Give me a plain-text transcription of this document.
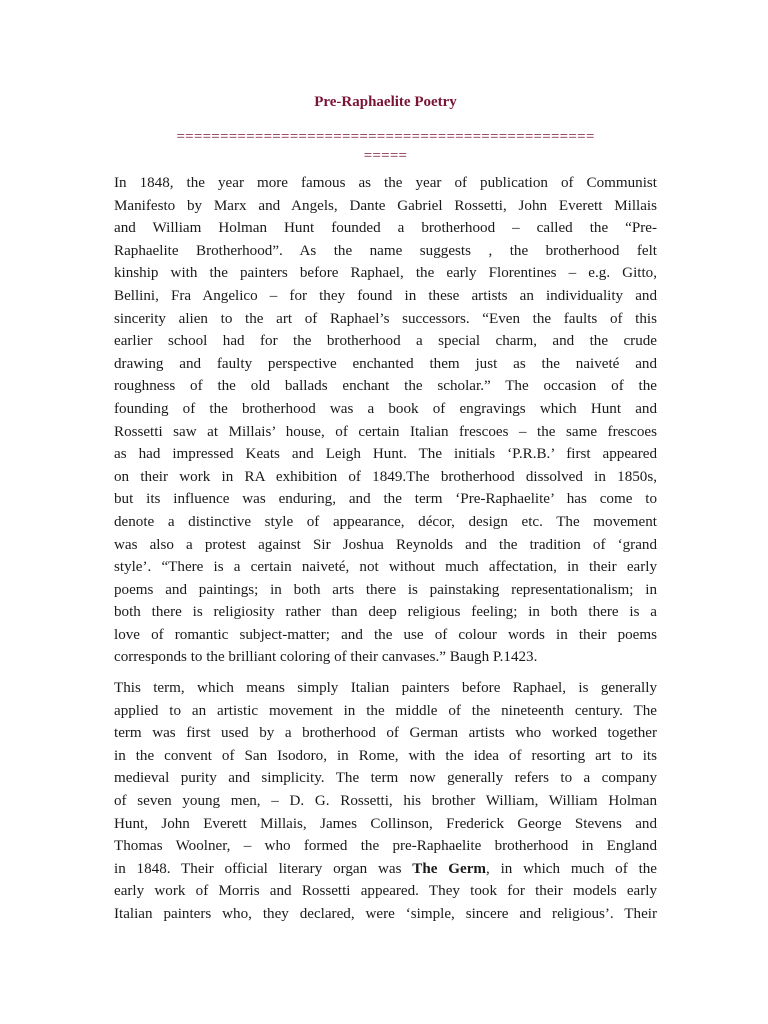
Pre-Raphaelite Poetry
================================================
=====
In 1848, the year more famous as the year of publication of Communist
Manifesto by Marx and Angels, Dante Gabriel Rossetti, John Everett Millais
and William Holman Hunt founded a brotherhood – called the “Pre-
Raphaelite Brotherhood”. As the name suggests , the brotherhood felt
kinship with the painters before Raphael, the early Florentines – e.g. Gitto,
Bellini, Fra Angelico – for they found in these artists an individuality and
sincerity alien to the art of Raphael’s successors. “Even the faults of this
earlier school had for the brotherhood a special charm, and the crude
drawing and faulty perspective enchanted them just as the naiveté and
roughness of the old ballads enchant the scholar.” The occasion of the
founding of the brotherhood was a book of engravings which Hunt and
Rossetti saw at Millais’ house, of certain Italian frescoes – the same frescoes
as had impressed Keats and Leigh Hunt. The initials ‘P.R.B.’ first appeared
on their work in RA exhibition of 1849.The brotherhood dissolved in 1850s,
but its influence was enduring, and the term ‘Pre-Raphaelite’ has come to
denote a distinctive style of appearance, décor, design etc. The movement
was also a protest against Sir Joshua Reynolds and the tradition of ‘grand
style’. “There is a certain naiveté, not without much affectation, in their early
poems and paintings; in both arts there is painstaking representationalism; in
both there is religiosity rather than deep religious feeling; in both there is a
love of romantic subject-matter; and the use of colour words in their poems
corresponds to the brilliant coloring of their canvases.” Baugh P.1423.
This term, which means simply Italian painters before Raphael, is generally
applied to an artistic movement in the middle of the nineteenth century. The
term was first used by a brotherhood of German artists who worked together
in the convent of San Isodoro, in Rome, with the idea of resorting art to its
medieval purity and simplicity. The term now generally refers to a company
of seven young men, – D. G. Rossetti, his brother William, William Holman
Hunt, John Everett Millais, James Collinson, Frederick George Stevens and
Thomas Woolner, – who formed the pre-Raphaelite brotherhood in England
in 1848. Their official literary organ was The Germ, in which much of the
early work of Morris and Rossetti appeared. They took for their models early
Italian painters who, they declared, were ‘simple, sincere and religious’. Their
